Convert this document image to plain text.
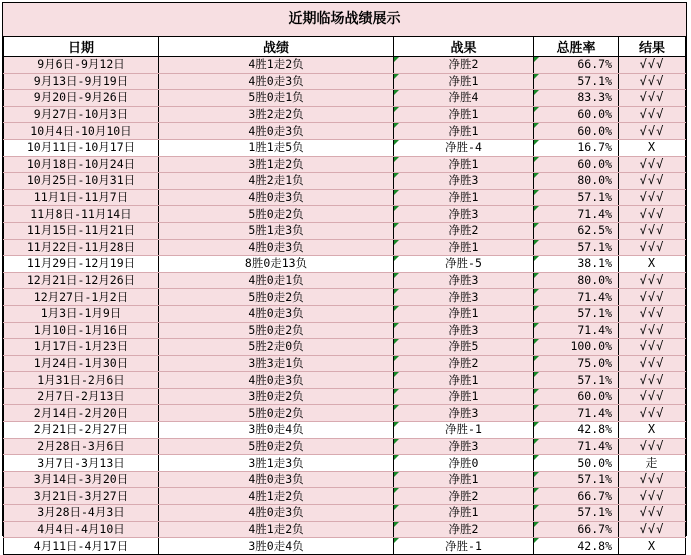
近期临场战绩展示
日期	战绩	战果	总胜率	结果
9月6日-9月12日	4胜1走2负	净胜2	66.7%	√√√
9月13日-9月19日	4胜0走3负	净胜1	57.1%	√√√
9月20日-9月26日	5胜0走1负	净胜4	83.3%	√√√
9月27日-10月3日	3胜2走2负	净胜1	60.0%	√√√
10月4日-10月10日	4胜0走3负	净胜1	60.0%	√√√
10月11日-10月17日	1胜1走5负	净胜-4	16.7%	X
10月18日-10月24日	3胜1走2负	净胜1	60.0%	√√√
10月25日-10月31日	4胜2走1负	净胜3	80.0%	√√√
11月1日-11月7日	4胜0走3负	净胜1	57.1%	√√√
11月8日-11月14日	5胜0走2负	净胜3	71.4%	√√√
11月15日-11月21日	5胜1走3负	净胜2	62.5%	√√√
11月22日-11月28日	4胜0走3负	净胜1	57.1%	√√√
11月29日-12月19日	8胜0走13负	净胜-5	38.1%	X
12月21日-12月26日	4胜0走1负	净胜3	80.0%	√√√
12月27日-1月2日	5胜0走2负	净胜3	71.4%	√√√
1月3日-1月9日	4胜0走3负	净胜1	57.1%	√√√
1月10日-1月16日	5胜0走2负	净胜3	71.4%	√√√
1月17日-1月23日	5胜2走0负	净胜5	100.0%	√√√
1月24日-1月30日	3胜3走1负	净胜2	75.0%	√√√
1月31日-2月6日	4胜0走3负	净胜1	57.1%	√√√
2月7日-2月13日	3胜0走2负	净胜1	60.0%	√√√
2月14日-2月20日	5胜0走2负	净胜3	71.4%	√√√
2月21日-2月27日	3胜0走4负	净胜-1	42.8%	X
2月28日-3月6日	5胜0走2负	净胜3	71.4%	√√√
3月7日-3月13日	3胜1走3负	净胜0	50.0%	走
3月14日-3月20日	4胜0走3负	净胜1	57.1%	√√√
3月21日-3月27日	4胜1走2负	净胜2	66.7%	√√√
3月28日-4月3日	4胜0走3负	净胜1	57.1%	√√√
4月4日-4月10日	4胜1走2负	净胜2	66.7%	√√√
4月11日-4月17日	3胜0走4负	净胜-1	42.8%	X
